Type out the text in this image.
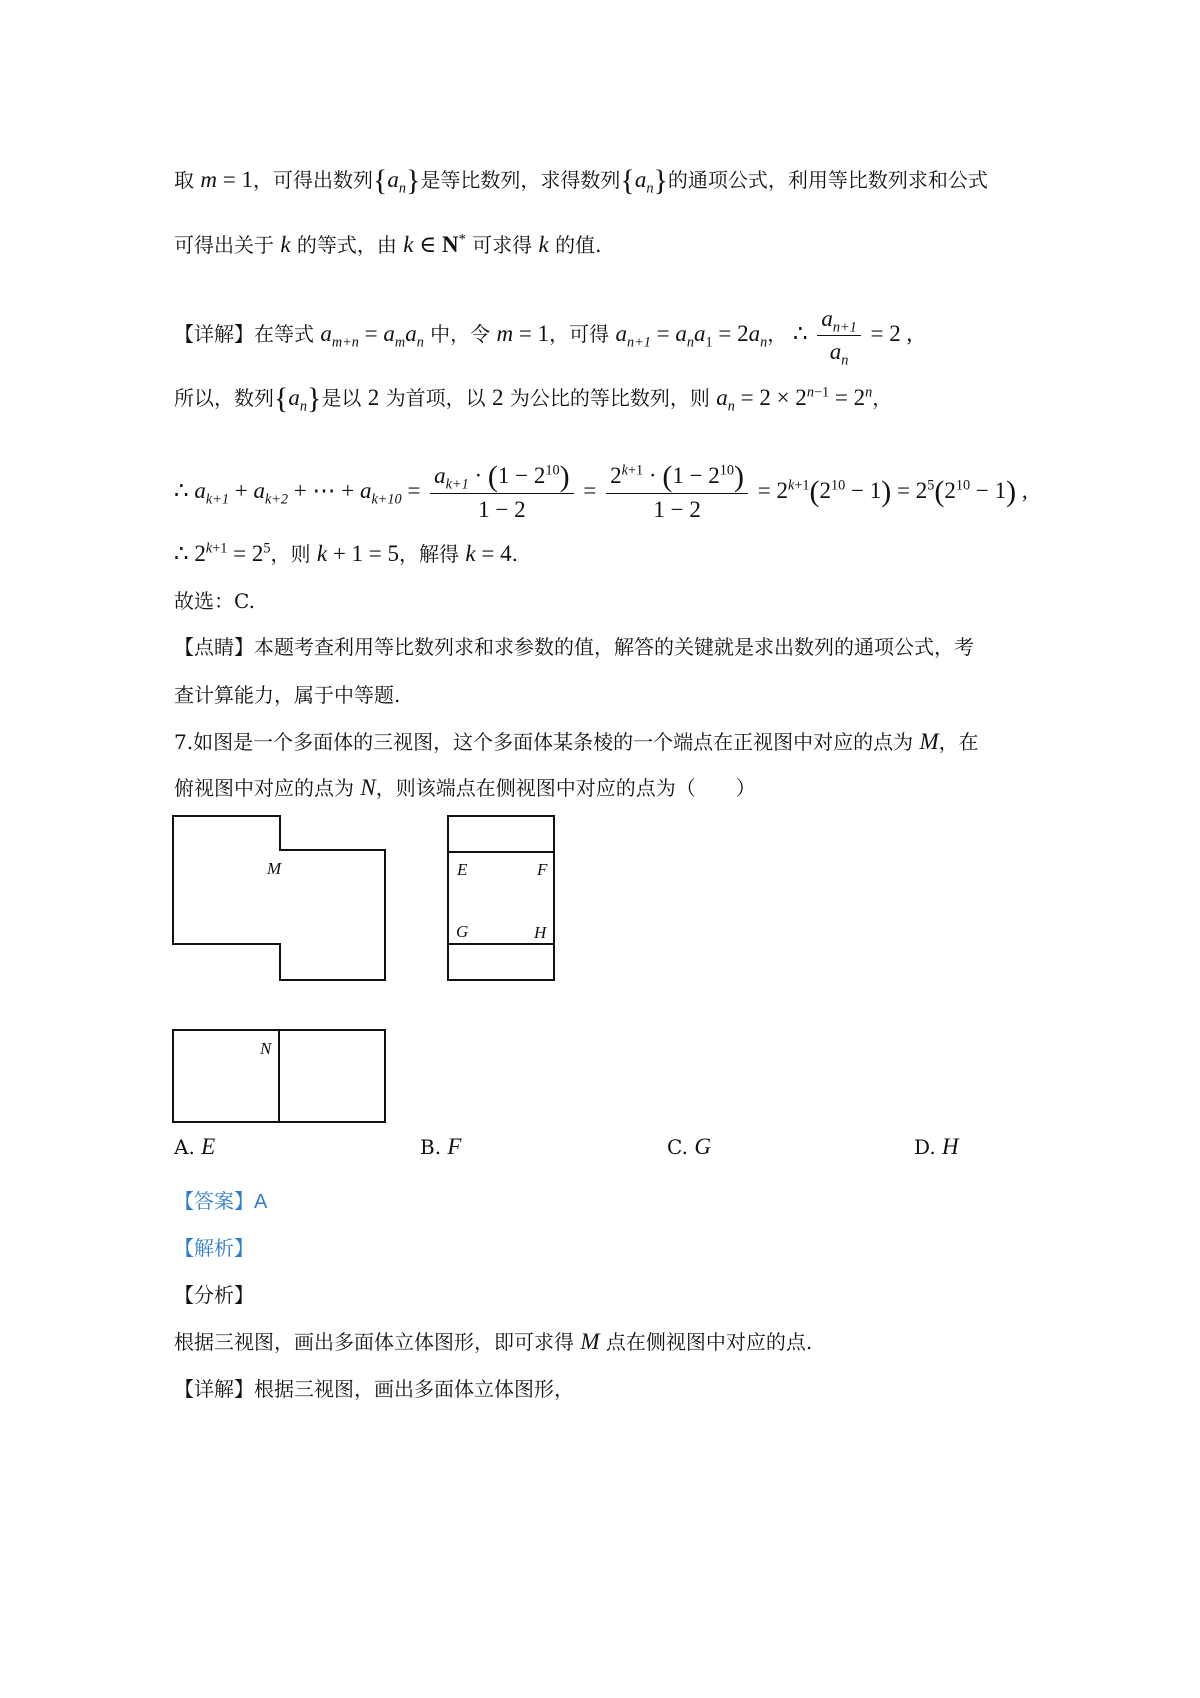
取 m = 1，可得出数列$\{a_n\}$是等比数列，求得数列$\{a_n\}$的通项公式，利用等比数列求和公式
可得出关于 k 的等式，由 k ∈ N* 可求得 k 的值.
【详解】在等式 $a_{m+n} = a_ma_n$ 中，令 m = 1，可得 $a_{n+1} = a_na_1 = 2a_n$， ∴ $\frac{a_{n+1}}{a_n} = 2$ ,
所以，数列$\{a_n\}$是以 2 为首项，以 2 为公比的等比数列，则 $a_n = 2 \times 2^{n-1} = 2^n$，
∴ $a_{k+1} + a_{k+2}$ + ⋯ + $a_{k+10} = \frac{a_{k+1} \cdot (1 - 2^{10})}{1 - 2} = \frac{2^{k+1} \cdot (1 - 2^{10})}{1 - 2} = 2^{k+1}(2^{10} - 1) = 2^5(2^{10} - 1)$ ,
∴ $2^{k+1} = 2^5$，则 k + 1 = 5，解得 k = 4.
故选：C.
【点睛】本题考查利用等比数列求和求参数的值，解答的关键就是求出数列的通项公式，考
查计算能力，属于中等题.
7.如图是一个多面体的三视图，这个多面体某条棱的一个端点在正视图中对应的点为 M，在
俯视图中对应的点为 N，则该端点在侧视图中对应的点为（　　）
M	E	F
G	H
N
A. E	B. F	C. G	D. H
【答案】A
【解析】
【分析】
根据三视图，画出多面体立体图形，即可求得 M 点在侧视图中对应的点.
【详解】根据三视图，画出多面体立体图形，
